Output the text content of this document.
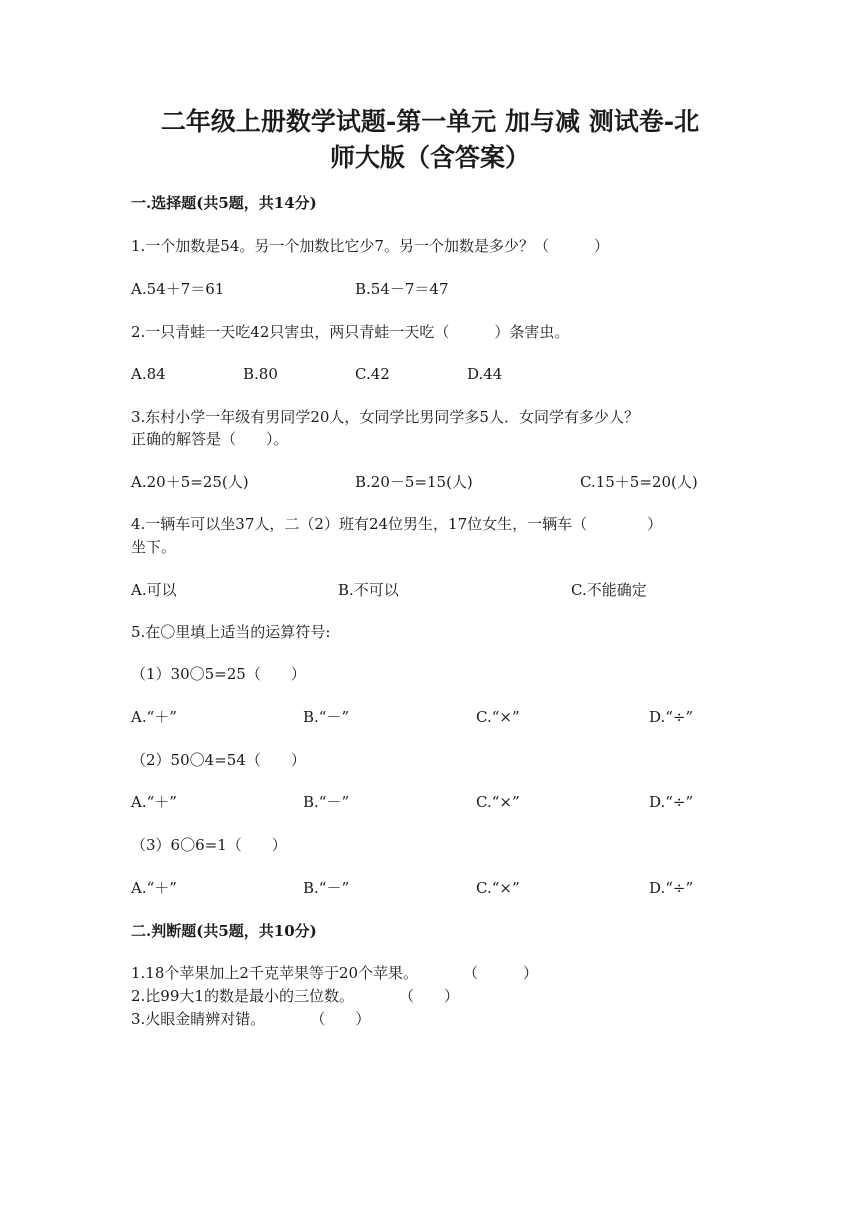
二年级上册数学试题-第一单元 加与减 测试卷-北
师大版（含答案）
一.选择题(共5题，共14分)
1.一个加数是54。另一个加数比它少7。另一个加数是多少？（　　　）
A.54＋7＝61	B.54－7＝47
2.一只青蛙一天吃42只害虫，两只青蛙一天吃（　　　）条害虫。
A.84	B.80	C.42	D.44
3.东村小学一年级有男同学20人，女同学比男同学多5人．女同学有多少人？
正确的解答是（　　）。
A.20＋5=25(人)	B.20－5=15(人)	C.15＋5=20(人)
4.一辆车可以坐37人，二（2）班有24位男生，17位女生，一辆车（　　　　）
坐下。
A.可以	B.不可以	C.不能确定
5.在〇里填上适当的运算符号:
（1）30〇5=25（　　）
A.“＋”	B.“－”	C.“×”	D.“÷”
（2）50〇4=54（　　）
A.“＋”	B.“－”	C.“×”	D.“÷”
（3）6〇6=1（　　）
A.“＋”	B.“－”	C.“×”	D.“÷”
二.判断题(共5题，共10分)
1.18个苹果加上2千克苹果等于20个苹果。　　　　（　　　）
2.比99大1的数是最小的三位数。　　　　（　　）
3.火眼金睛辨对错。　　　　（　　）
